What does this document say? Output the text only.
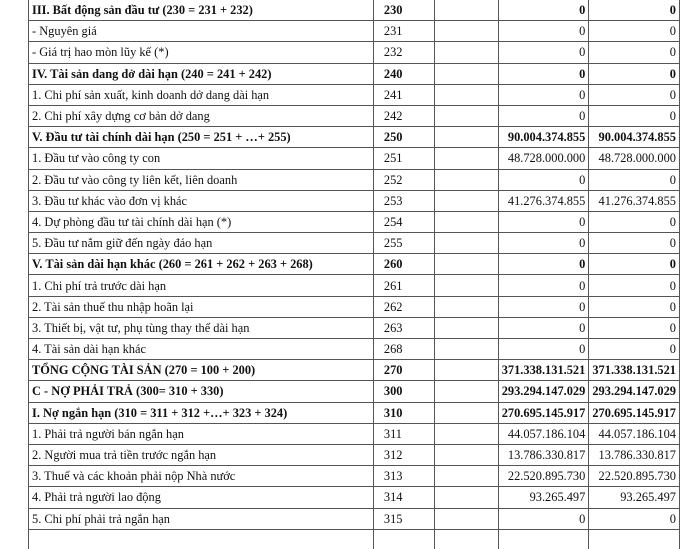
III. Bất động sản đầu tư (230 = 231 + 232)	230		0	0
- Nguyên giá	231		0	0
- Giá trị hao mòn lũy kế (*)	232		0	0
IV. Tài sản dang dở dài hạn (240 = 241 + 242)	240		0	0
1. Chi phí sản xuất, kinh doanh dở dang dài hạn	241		0	0
2. Chi phí xây dựng cơ bản dở dang	242		0	0
V. Đầu tư tài chính dài hạn (250 = 251 + …+ 255)	250		90.004.374.855	90.004.374.855
1. Đầu tư vào công ty con	251		48.728.000.000	48.728.000.000
2. Đầu tư vào công ty liên kết, liên doanh	252		0	0
3. Đầu tư khác vào đơn vị khác	253		41.276.374.855	41.276.374.855
4. Dự phòng đầu tư tài chính dài hạn (*)	254		0	0
5. Đầu tư nắm giữ đến ngày đáo hạn	255		0	0
V. Tài sản dài hạn khác (260 = 261 + 262 + 263 + 268)	260		0	0
1. Chi phí trả trước dài hạn	261		0	0
2. Tài sản thuế thu nhập hoãn lại	262		0	0
3. Thiết bị, vật tư, phụ tùng thay thế dài hạn	263		0	0
4. Tài sản dài hạn khác	268		0	0
TỔNG CỘNG TÀI SẢN (270 = 100 + 200)	270		371.338.131.521	371.338.131.521
C - NỢ PHẢI TRẢ (300= 310 + 330)	300		293.294.147.029	293.294.147.029
I. Nợ ngắn hạn (310 = 311 + 312 +…+ 323 + 324)	310		270.695.145.917	270.695.145.917
1. Phải trả người bán ngắn hạn	311		44.057.186.104	44.057.186.104
2. Người mua trả tiền trước ngắn hạn	312		13.786.330.817	13.786.330.817
3. Thuế và các khoản phải nộp Nhà nước	313		22.520.895.730	22.520.895.730
4. Phải trả người lao động	314		93.265.497	93.265.497
5. Chi phí phải trả ngắn hạn	315		0	0
